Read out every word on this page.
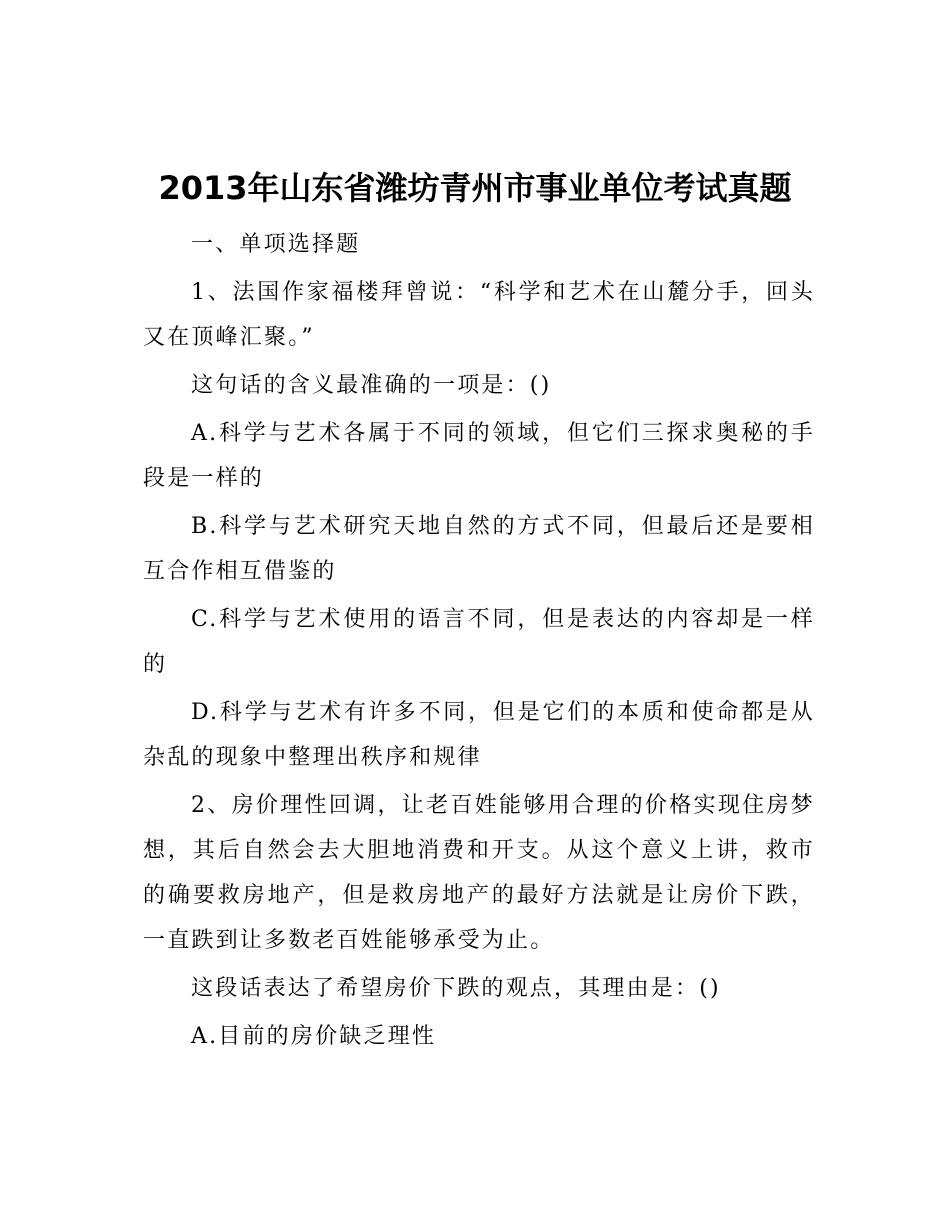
2013年山东省潍坊青州市事业单位考试真题

一、单项选择题

1、法国作家福楼拜曾说：“科学和艺术在山麓分手，回头又在顶峰汇聚。”

这句话的含义最准确的一项是：()

A.科学与艺术各属于不同的领域，但它们三探求奥秘的手段是一样的

B.科学与艺术研究天地自然的方式不同，但最后还是要相互合作相互借鉴的

C.科学与艺术使用的语言不同，但是表达的内容却是一样的

D.科学与艺术有许多不同，但是它们的本质和使命都是从杂乱的现象中整理出秩序和规律

2、房价理性回调，让老百姓能够用合理的价格实现住房梦想，其后自然会去大胆地消费和开支。从这个意义上讲，救市的确要救房地产，但是救房地产的最好方法就是让房价下跌，一直跌到让多数老百姓能够承受为止。

这段话表达了希望房价下跌的观点，其理由是：()

A.目前的房价缺乏理性
